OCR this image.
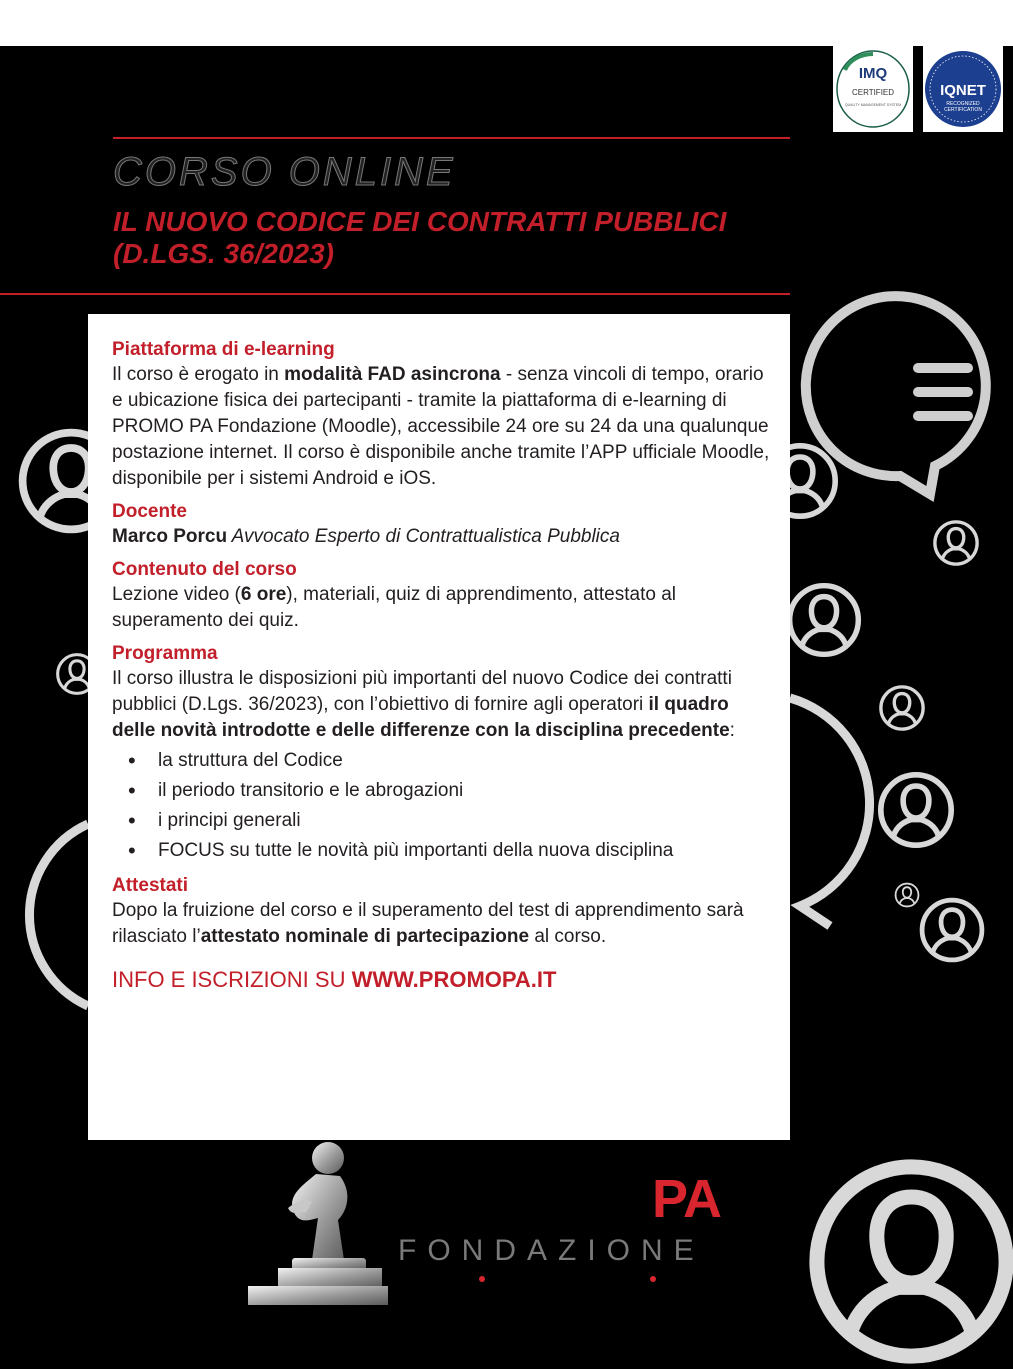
IMQ
CERTIFIED
QUALITY MANAGEMENT SYSTEM
IQNET
RECOGNIZED
CERTIFICATION
CORSO ONLINE
IL NUOVO CODICE DEI CONTRATTI PUBBLICI
(D.LGS. 36/2023)
Piattaforma di e-learning

Il corso è erogato in modalità FAD asincrona - senza vincoli di tempo, orario e ubicazione fisica dei partecipanti - tramite la piattaforma di e-learning di PROMO PA Fondazione (Moodle), accessibile 24 ore su 24 da una qualunque postazione internet. Il corso è disponibile anche tramite l’APP ufficiale Moodle, disponibile per i sistemi Android e iOS.

Docente

Marco Porcu Avvocato Esperto di Contrattualistica Pubblica

Contenuto del corso

Lezione video (6 ore), materiali, quiz di apprendimento, attestato al superamento dei quiz.

Programma

Il corso illustra le disposizioni più importanti del nuovo Codice dei contratti pubblici (D.Lgs. 36/2023), con l’obiettivo di fornire agli operatori il quadro delle novità introdotte e delle differenze con la disciplina precedente:

• la struttura del Codice
• il periodo transitorio e le abrogazioni
• i principi generali
• FOCUS su tutte le novità più importanti della nuova disciplina
Attestati

Dopo la fruizione del corso e il superamento del test di apprendimento sarà rilasciato l’attestato nominale di partecipazione al corso.

INFO E ISCRIZIONI SU WWW.PROMOPA.IT
PA
FONDAZIONE
